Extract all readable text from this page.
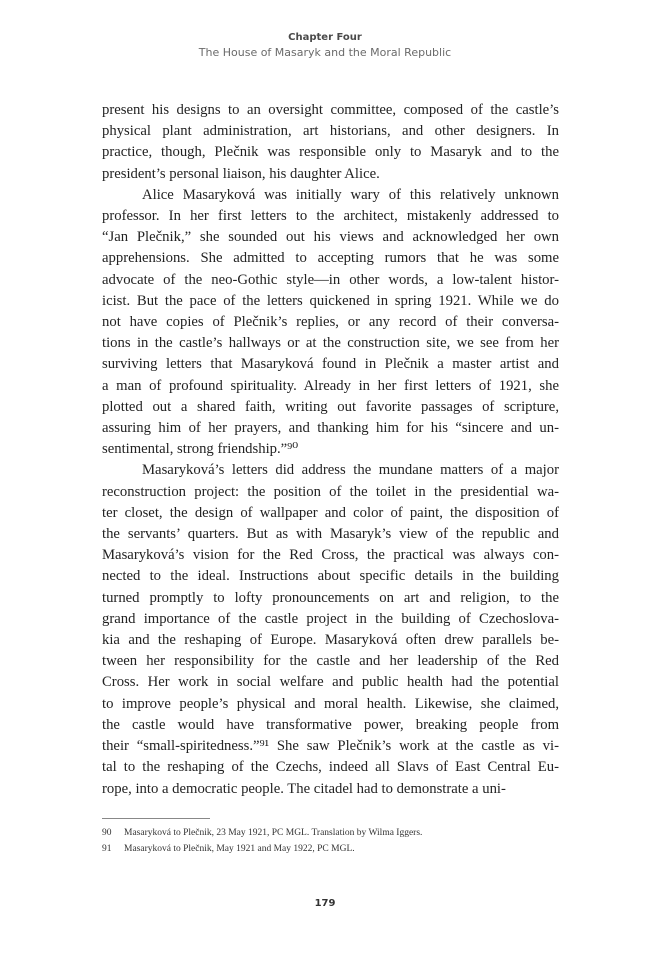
Chapter Four
The House of Masaryk and the Moral Republic

present his designs to an oversight committee, composed of the castle’s
physical plant administration, art historians, and other designers. In
practice, though, Plečnik was responsible only to Masaryk and to the
president’s personal liaison, his daughter Alice.

Alice Masaryková was initially wary of this relatively unknown
professor. In her first letters to the architect, mistakenly addressed to
“Jan Plečnik,” she sounded out his views and acknowledged her own
apprehensions. She admitted to accepting rumors that he was some
advocate of the neo-Gothic style—in other words, a low-talent histor-
icist. But the pace of the letters quickened in spring 1921. While we do
not have copies of Plečnik’s replies, or any record of their conversa-
tions in the castle’s hallways or at the construction site, we see from her
surviving letters that Masaryková found in Plečnik a master artist and
a man of profound spirituality. Already in her first letters of 1921, she
plotted out a shared faith, writing out favorite passages of scripture,
assuring him of her prayers, and thanking him for his “sincere and un-
sentimental, strong friendship.”⁹⁰

Masaryková’s letters did address the mundane matters of a major
reconstruction project: the position of the toilet in the presidential wa-
ter closet, the design of wallpaper and color of paint, the disposition of
the servants’ quarters. But as with Masaryk’s view of the republic and
Masaryková’s vision for the Red Cross, the practical was always con-
nected to the ideal. Instructions about specific details in the building
turned promptly to lofty pronouncements on art and religion, to the
grand importance of the castle project in the building of Czechoslova-
kia and the reshaping of Europe. Masaryková often drew parallels be-
tween her responsibility for the castle and her leadership of the Red
Cross. Her work in social welfare and public health had the potential
to improve people’s physical and moral health. Likewise, she claimed,
the castle would have transformative power, breaking people from
their “small-spiritedness.”⁹¹ She saw Plečnik’s work at the castle as vi-
tal to the reshaping of the Czechs, indeed all Slavs of East Central Eu-
rope, into a democratic people. The citadel had to demonstrate a uni-

90 Masaryková to Plečnik, 23 May 1921, PC MGL. Translation by Wilma Iggers.
91 Masaryková to Plečnik, May 1921 and May 1922, PC MGL.
179
